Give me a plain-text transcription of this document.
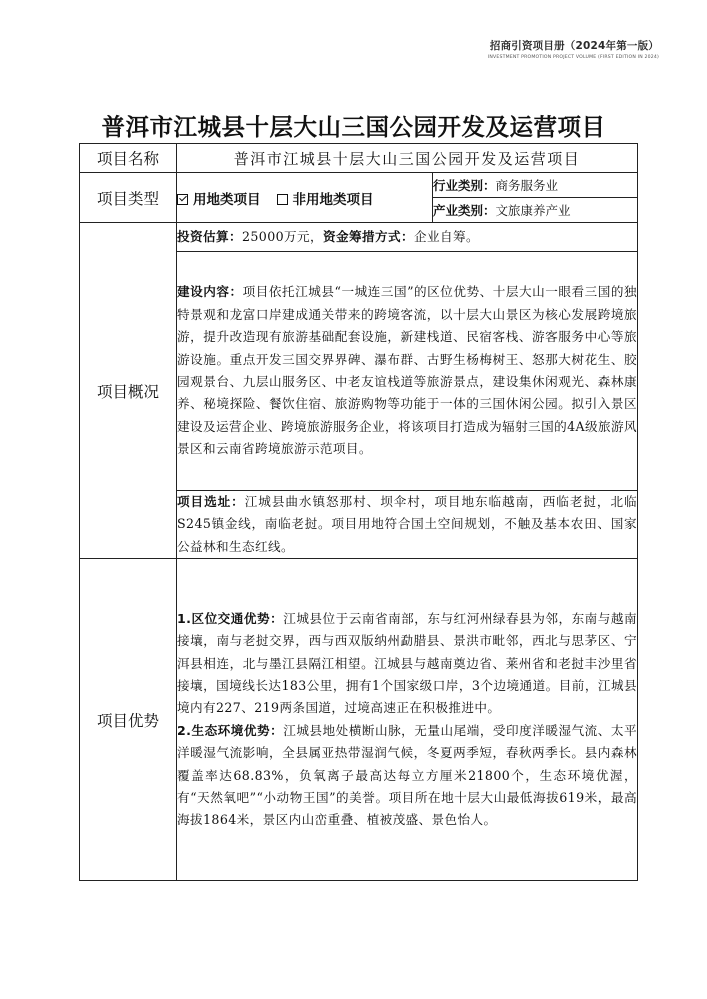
招商引资项目册（2024年第一版）
INVESTMENT PROMOTION PROJECT VOLUME (FIRST EDITION IN 2024)
普洱市江城县十层大山三国公园开发及运营项目
项目名称	普洱市江城县十层大山三国公园开发及运营项目	
项目类型	用地类项目 非用地类项目	行业类别：商务服务业
		产业类别：文旅康养产业
项目概况	投资估算：25000万元，资金筹措方式：企业自筹。	
	建设内容：项目依托江城县“一城连三国”的区位优势、十层大山一眼看三国的独特景观和龙富口岸建成通关带来的跨境客流，以十层大山景区为核心发展跨境旅游，提升改造现有旅游基础配套设施，新建栈道、民宿客栈、游客服务中心等旅游设施。重点开发三国交界界碑、瀑布群、古野生杨梅树王、怒那大树花生、胶园观景台、九层山服务区、中老友谊栈道等旅游景点，建设集休闲观光、森林康养、秘境探险、餐饮住宿、旅游购物等功能于一体的三国休闲公园。拟引入景区建设及运营企业、跨境旅游服务企业，将该项目打造成为辐射三国的4A级旅游风景区和云南省跨境旅游示范项目。	
	项目选址：江城县曲水镇怒那村、坝伞村，项目地东临越南，西临老挝，北临S245镇金线，南临老挝。项目用地符合国土空间规划，不触及基本农田、国家公益林和生态红线。	
项目优势	1.区位交通优势：江城县位于云南省南部，东与红河州绿春县为邻，东南与越南接壤，南与老挝交界，西与西双版纳州勐腊县、景洪市毗邻，西北与思茅区、宁洱县相连，北与墨江县隔江相望。江城县与越南奠边省、莱州省和老挝丰沙里省接壤，国境线长达183公里，拥有1个国家级口岸，3个边境通道。目前，江城县境内有227、219两条国道，过境高速正在积极推进中。
2.生态环境优势：江城县地处横断山脉，无量山尾端，受印度洋暖湿气流、太平洋暖湿气流影响，全县属亚热带湿润气候，冬夏两季短，春秋两季长。县内森林覆盖率达68.83%，负氧离子最高达每立方厘米21800个，生态环境优渥，有“天然氧吧”“小动物王国”的美誉。项目所在地十层大山最低海拔619米，最高海拔1864米，景区内山峦重叠、植被茂盛、景色怡人。	
